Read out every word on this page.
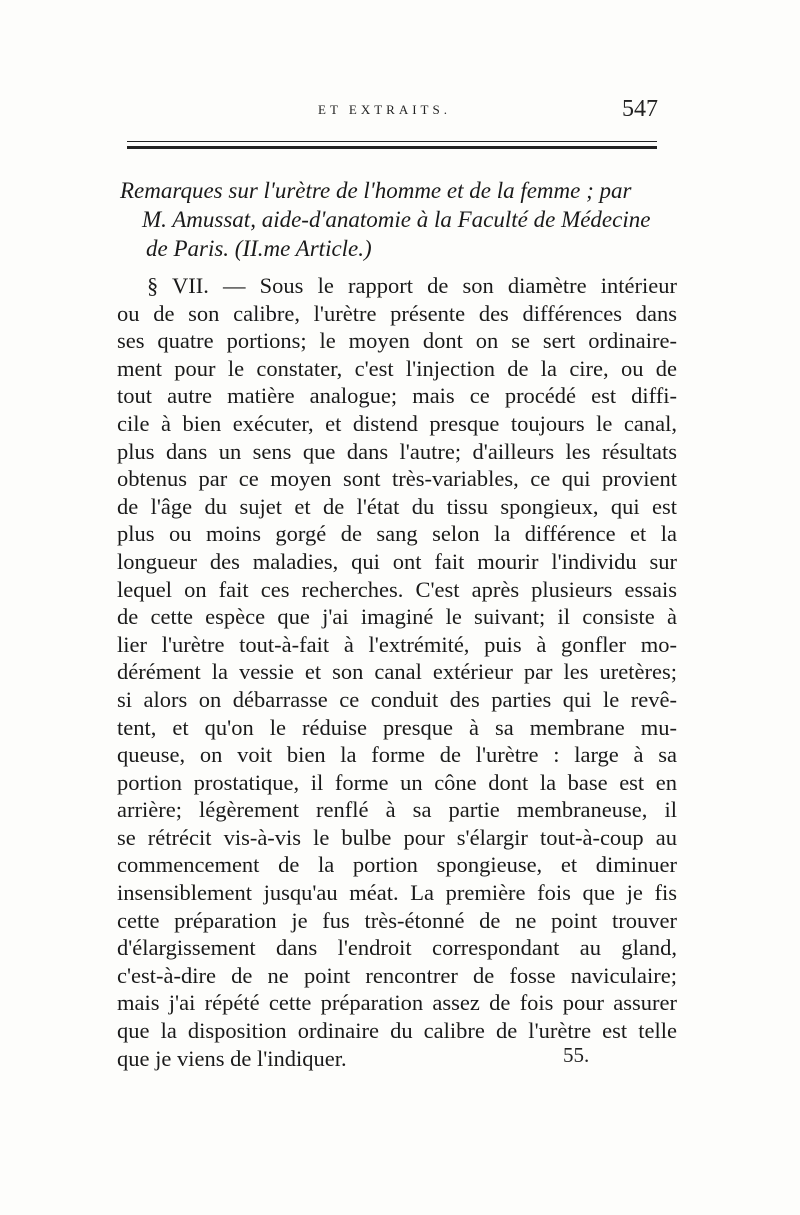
ET EXTRAITS.	547
Remarques sur l'urètre de l'homme et de la femme ; par
M. Amussat, aide-d'anatomie à la Faculté de Médecine
de Paris. (II.me Article.)
§ VII. — Sous le rapport de son diamètre intérieur
ou de son calibre, l'urètre présente des différences dans
ses quatre portions; le moyen dont on se sert ordinaire-
ment pour le constater, c'est l'injection de la cire, ou de
tout autre matière analogue; mais ce procédé est diffi-
cile à bien exécuter, et distend presque toujours le canal,
plus dans un sens que dans l'autre; d'ailleurs les résultats
obtenus par ce moyen sont très-variables, ce qui provient
de l'âge du sujet et de l'état du tissu spongieux, qui est
plus ou moins gorgé de sang selon la différence et la
longueur des maladies, qui ont fait mourir l'individu sur
lequel on fait ces recherches. C'est après plusieurs essais
de cette espèce que j'ai imaginé le suivant; il consiste à
lier l'urètre tout-à-fait à l'extrémité, puis à gonfler mo-
dérément la vessie et son canal extérieur par les uretères;
si alors on débarrasse ce conduit des parties qui le revê-
tent, et qu'on le réduise presque à sa membrane mu-
queuse, on voit bien la forme de l'urètre : large à sa
portion prostatique, il forme un cône dont la base est en
arrière; légèrement renflé à sa partie membraneuse, il
se rétrécit vis-à-vis le bulbe pour s'élargir tout-à-coup au
commencement de la portion spongieuse, et diminuer
insensiblement jusqu'au méat. La première fois que je fis
cette préparation je fus très-étonné de ne point trouver
d'élargissement dans l'endroit correspondant au gland,
c'est-à-dire de ne point rencontrer de fosse naviculaire;
mais j'ai répété cette préparation assez de fois pour assurer
que la disposition ordinaire du calibre de l'urètre est telle
que je viens de l'indiquer.	55.
